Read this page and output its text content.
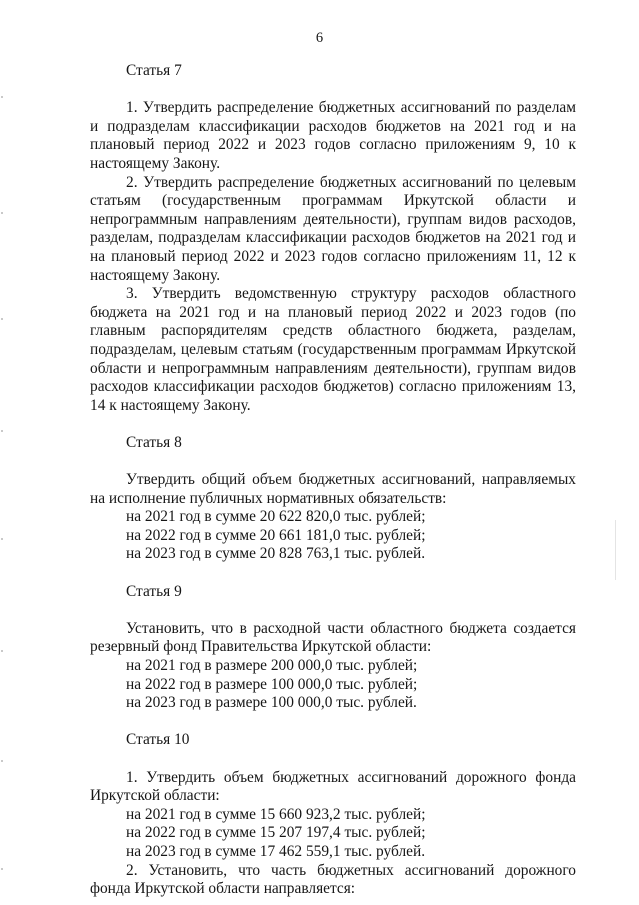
6
Статья 7

1. Утвердить распределение бюджетных ассигнований по разделам и подразделам классификации расходов бюджетов на 2021 год и на плановый период 2022 и 2023 годов согласно приложениям 9, 10 к настоящему Закону.

2. Утвердить распределение бюджетных ассигнований по целевым статьям (государственным программам Иркутской области и непрограммным направлениям деятельности), группам видов расходов, разделам, подразделам классификации расходов бюджетов на 2021 год и на плановый период 2022 и 2023 годов согласно приложениям 11, 12 к настоящему Закону.

3. Утвердить ведомственную структуру расходов областного бюджета на 2021 год и на плановый период 2022 и 2023 годов (по главным распорядителям средств областного бюджета, разделам, подразделам, целевым статьям (государственным программам Иркутской области и непрограммным направлениям деятельности), группам видов расходов классификации расходов бюджетов) согласно приложениям 13, 14 к настоящему Закону.

Статья 8

Утвердить общий объем бюджетных ассигнований, направляемых на исполнение публичных нормативных обязательств:

на 2021 год в сумме 20 622 820,0 тыс. рублей;
на 2022 год в сумме 20 661 181,0 тыс. рублей;
на 2023 год в сумме 20 828 763,1 тыс. рублей.
Статья 9

Установить, что в расходной части областного бюджета создается резервный фонд Правительства Иркутской области:

на 2021 год в размере 200 000,0 тыс. рублей;
на 2022 год в размере 100 000,0 тыс. рублей;
на 2023 год в размере 100 000,0 тыс. рублей.
Статья 10

1. Утвердить объем бюджетных ассигнований дорожного фонда Иркутской области:

на 2021 год в сумме 15 660 923,2 тыс. рублей;
на 2022 год в сумме 15 207 197,4 тыс. рублей;
на 2023 год в сумме 17 462 559,1 тыс. рублей.

2. Установить, что часть бюджетных ассигнований дорожного фонда Иркутской области направляется:
